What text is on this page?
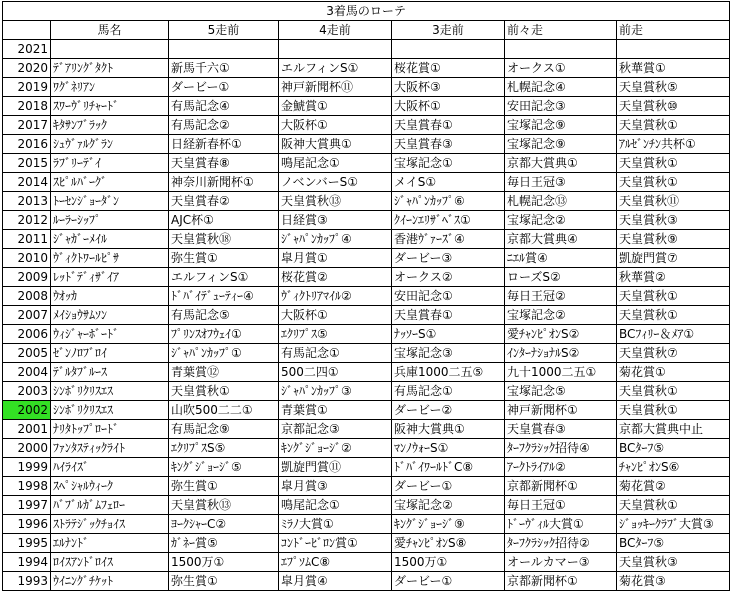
3着馬のローテ						
	馬名	5走前	4走前	3走前	前々走	前走
2021						
2020	ﾃﾞｱﾘﾝｸﾞﾀｸﾄ	新馬千六①	エルフィンS①	桜花賞①	オークス①	秋華賞①
2019	ﾜｸﾞﾈﾘｱﾝ	ダービー①	神戸新聞杯⑪	大阪杯③	札幌記念④	天皇賞秋⑤
2018	ｽﾜｰｳﾞﾘﾁｬｰﾄﾞ	有馬記念④	金鯱賞①	大阪杯①	安田記念③	天皇賞秋⑩
2017	ｷﾀｻﾝﾌﾞﾗｯｸ	有馬記念②	大阪杯①	天皇賞春①	宝塚記念⑨	天皇賞秋①
2016	ｼｭｳﾞｧﾙｸﾞﾗﾝ	日経新春杯①	阪神大賞典①	天皇賞春③	宝塚記念⑨	ｱﾙｾﾞﾝﾁﾝ共杯①
2015	ﾗﾌﾞﾘｰﾃﾞｲ	天皇賞春⑧	鳴尾記念①	宝塚記念①	京都大賞典①	天皇賞秋①
2014	ｽﾋﾟﾙﾊﾞｰｸﾞ	神奈川新聞杯①	ノベンバーS①	メイS①	毎日王冠③	天皇賞秋①
2013	ﾄｰｾﾝｼﾞｮｰﾀﾞﾝ	天皇賞春②	天皇賞秋⑬	ｼﾞｬﾊﾟﾝｶｯﾌﾟ⑥	札幌記念⑬	天皇賞秋⑪
2012	ﾙｰﾗｰｼｯﾌﾟ	AJC杯①	日経賞③	ｸｲｰﾝｴﾘｻﾞﾍﾞｽ①	宝塚記念②	天皇賞秋③
2011	ｼﾞｬｶﾞｰﾒｲﾙ	天皇賞秋⑱	ｼﾞｬﾊﾟﾝｶｯﾌﾟ④	香港ｳﾞｧｰｽﾞ④	京都大賞典④	天皇賞秋⑨
2010	ｳﾞｨｸﾄﾜｰﾙﾋﾟｻ	弥生賞①	皐月賞①	ダービー③	ﾆｴﾙ賞④	凱旋門賞⑦
2009	ﾚｯﾄﾞﾃﾞｨｻﾞｲｱ	エルフィンS①	桜花賞②	オークス②	ローズS②	秋華賞②
2008	ｳｵｯｶ	ﾄﾞﾊﾞｲﾃﾞｭｰﾃｨｰ④	ｳﾞｨｸﾄﾘｱﾏｲﾙ②	安田記念①	毎日王冠②	天皇賞秋①
2007	ﾒｲｼｮｳｻﾑｿﾝ	有馬記念⑤	大阪杯①	天皇賞春①	宝塚記念②	天皇賞秋①
2006	ｳｨｼﾞｬｰﾎﾞｰﾄﾞ	ﾌﾟﾘﾝｽｵﾌｳｪｲ①	ｴｸﾘﾌﾟｽ⑤	ﾅｯｿｰS①	愛ﾁｬﾝﾋﾟｵﾝS②	BCﾌｨﾘｰ＆ﾒｱ①
2005	ｾﾞﾝﾉﾛﾌﾞﾛｲ	ｼﾞｬﾊﾟﾝｶｯﾌﾟ①	有馬記念①	宝塚記念③	ｲﾝﾀｰﾅｼｮﾅﾙS②	天皇賞秋⑦
2004	ﾃﾞﾙﾀﾌﾞﾙｰｽ	青葉賞⑫	500二四①	兵庫1000二五⑤	九十1000二五①	菊花賞①
2003	ｼﾝﾎﾞﾘｸﾘｽｴｽ	天皇賞秋①	ｼﾞｬﾊﾟﾝｶｯﾌﾟ③	有馬記念①	宝塚記念⑤	天皇賞秋①
2002	ｼﾝﾎﾞﾘｸﾘｽｴｽ	山吹500二二①	青葉賞①	ダービー②	神戸新聞杯①	天皇賞秋①
2001	ﾅﾘﾀﾄｯﾌﾟﾛｰﾄﾞ	有馬記念⑨	京都記念③	阪神大賞典①	天皇賞春③	京都大賞典中止
2000	ﾌｧﾝﾀｽﾃｨｯｸﾗｲﾄ	ｴｸﾘﾌﾟｽS⑤	ｷﾝｸﾞｼﾞｮｰｼﾞ②	ﾏﾝﾉｳｫｰS①	ﾀｰﾌｸﾗｼｯｸ招待④	BCﾀｰﾌ⑤
1999	ﾊｲﾗｲｽﾞ	ｷﾝｸﾞｼﾞｮｰｼﾞ⑤	凱旋門賞⑪	ﾄﾞﾊﾞｲﾜｰﾙﾄﾞC⑧	ｱｰｸﾄﾗｲｱﾙ②	ﾁｬﾝﾋﾟｵﾝS⑥
1998	ｽﾍﾟｼｬﾙｳｨｰｸ	弥生賞①	皐月賞③	ダービー①	京都新聞杯①	菊花賞②
1997	ﾊﾞﾌﾞﾙｶﾞﾑﾌｪﾛｰ	天皇賞秋⑬	鳴尾記念①	宝塚記念②	毎日王冠①	天皇賞秋①
1996	ｽﾄﾗﾃｼﾞｯｸﾁｮｲｽ	ﾖｰｸｼｬｰC②	ﾐﾗﾉ大賞①	ｷﾝｸﾞｼﾞｮｰｼﾞ⑨	ﾄﾞｰｳﾞｨﾙ大賞①	ｼﾞｮｯｷｰｸﾗﾌﾞ大賞③
1995	ｴﾙﾅﾝﾄﾞ	ｶﾞﾈｰ賞⑤	ｺﾝﾄﾞｰﾋﾞﾛﾝ賞①	愛ﾁｬﾝﾋﾟｵﾝS⑧	ﾀｰﾌｸﾗｼｯｸ招待②	BCﾀｰﾌ⑤
1994	ﾛｲｽｱﾝﾄﾞﾛｲｽ	1500万①	ｴﾌﾟｿﾑC⑧	1500万①	オールカマー③	天皇賞秋③
1993	ｳｲﾆﾝｸﾞﾁｹｯﾄ	弥生賞①	皐月賞④	ダービー①	京都新聞杯①	菊花賞③
